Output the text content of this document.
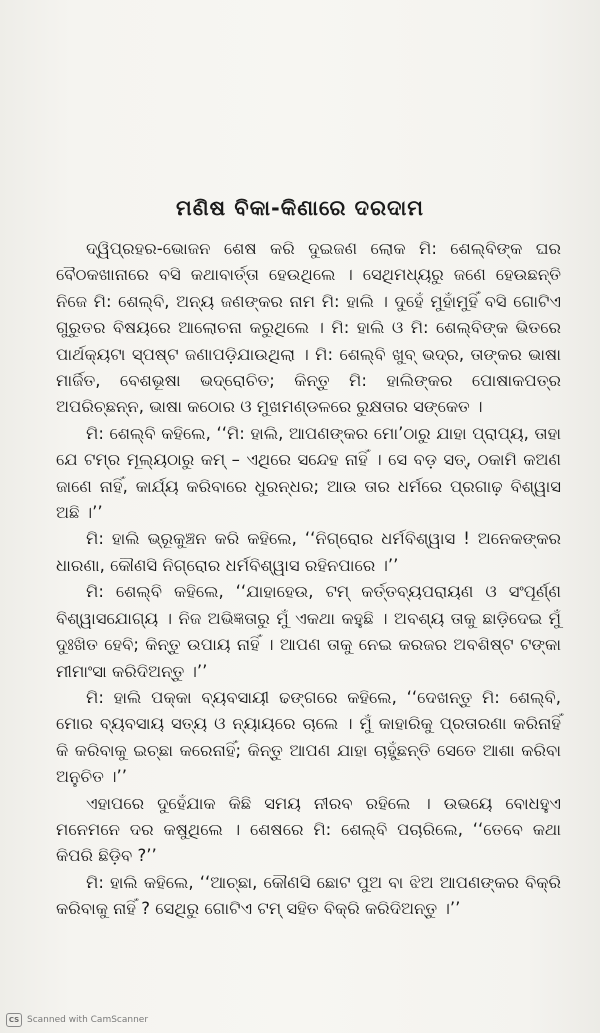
ମଣିଷ ବିକା-କିଣାରେ ଦରଦାମ

ଦ୍ୱିପ୍ରହର-ଭୋଜନ ଶେଷ କରି ଦୁଇଜଣ ଲୋକ ମି: ଶେଲ୍‌ବିଙ୍କ ଘର ବୈଠକଖାନାରେ ବସି କଥାବାର୍ତ୍ତା ହେଉଥିଲେ । ସେଥିମଧ୍ୟରୁ ଜଣେ ହେଉଛନ୍ତି ନିଜେ ମି: ଶେଲ୍‌ବି, ଅନ୍ୟ ଜଣଙ୍କର ନାମ ମି: ହାଲି । ଦୁହେଁ ମୁହାଁମୁହିଁ ବସି ଗୋଟିଏ ଗୁରୁତର ବିଷୟରେ ଆଲୋଚନା କରୁଥିଲେ । ମି: ହାଲି ଓ ମି: ଶେଲ୍‌ବିଙ୍କ ଭିତରେ ପାର୍ଥକ୍ୟଟା ସ୍ପଷ୍ଟ ଜଣାପଡ଼ିଯାଉଥିଲା । ମି: ଶେଲ୍‌ବି ଖୁବ୍ ଭଦ୍ର, ତାଙ୍କର ଭାଷା ମାର୍ଜିତ, ବେଶଭୂଷା ଭଦ୍ରୋଚିତ; କିନ୍ତୁ ମି: ହାଲିଙ୍କର ପୋଷାକପତ୍ର ଅପରିଚ୍ଛନ୍ନ, ଭାଷା କଠୋର ଓ ମୁଖମଣ୍ଡଳରେ ରୁକ୍ଷତାର ସଙ୍କେତ ।

ମି: ଶେଲ୍‌ବି କହିଲେ, ‘‘ମି: ହାଲି, ଆପଣଙ୍କର ମୋ’ଠାରୁ ଯାହା ପ୍ରାପ୍ୟ, ତାହା ଯେ ଟମ୍‌ର ମୂଲ୍ୟଠାରୁ କମ୍ – ଏଥିରେ ସନ୍ଦେହ ନାହିଁ । ସେ ବଡ଼ ସତ୍, ଠକାମି କଅଣ ଜାଣେ ନାହିଁ, କାର୍ଯ୍ୟ କରିବାରେ ଧୁରନ୍ଧର; ଆଉ ତାର ଧର୍ମରେ ପ୍ରଗାଢ଼ ବିଶ୍ୱାସ ଅଛି ।’’

ମି: ହାଲି ଭ୍ରୂକୁଞ୍ଚନ କରି କହିଲେ, ‘‘ନିଗ୍ରୋର ଧର୍ମବିଶ୍ୱାସ ! ଅନେକଙ୍କର ଧାରଣା, କୌଣସି ନିଗ୍ରୋର ଧର୍ମବିଶ୍ୱାସ ରହିନପାରେ ।’’

ମି: ଶେଲ୍‌ବି କହିଲେ, ‘‘ଯାହାହେଉ, ଟମ୍ କର୍ତ୍ତବ୍ୟପରାୟଣ ଓ ସଂପୂର୍ଣ୍ଣ ବିଶ୍ୱାସଯୋଗ୍ୟ । ନିଜ ଅଭିଜ୍ଞତାରୁ ମୁଁ ଏକଥା କହୁଛି । ଅବଶ୍ୟ ତାକୁ ଛାଡ଼ିଦେଇ ମୁଁ ଦୁଃଖିତ ହେବି; କିନ୍ତୁ ଉପାୟ ନାହିଁ । ଆପଣ ତାକୁ ନେଇ କରଜର ଅବଶିଷ୍ଟ ଟଙ୍କା ମୀମାଂସା କରିଦିଅନ୍ତୁ ।’’

ମି: ହାଲି ପକ୍କା ବ୍ୟବସାୟୀ ଢଙ୍ଗରେ କହିଲେ, ‘‘ଦେଖନ୍ତୁ ମି: ଶେଲ୍‌ବି, ମୋର ବ୍ୟବସାୟ ସତ୍ୟ ଓ ନ୍ୟାୟରେ ଚାଲେ । ମୁଁ କାହାରିକୁ ପ୍ରତାରଣା କରିନାହିଁ କି କରିବାକୁ ଇଚ୍ଛା କରେନାହିଁ; କିନ୍ତୁ ଆପଣ ଯାହା ଚାହୁଁଛନ୍ତି ସେତେ ଆଶା କରିବା ଅନୁଚିତ ।’’

ଏହାପରେ ଦୁହେଁଯାକ କିଛି ସମୟ ନୀରବ ରହିଲେ । ଉଭୟେ ବୋଧହୁଏ ମନେମନେ ଦର କଷୁଥିଲେ । ଶେଷରେ ମି: ଶେଲ୍‌ବି ପଚାରିଲେ, ‘‘ତେବେ କଥା କିପରି ଛିଡ଼ିବ ?’’

ମି: ହାଲି କହିଲେ, ‘‘ଆଚ୍ଛା, କୌଣସି ଛୋଟ ପୁଅ ବା ଝିଅ ଆପଣଙ୍କର ବିକ୍ରି କରିବାକୁ ନାହିଁ ? ସେଥିରୁ ଗୋଟିଏ ଟମ୍ ସହିତ ବିକ୍ରି କରିଦିଅନ୍ତୁ ।’’

CS Scanned with CamScanner
